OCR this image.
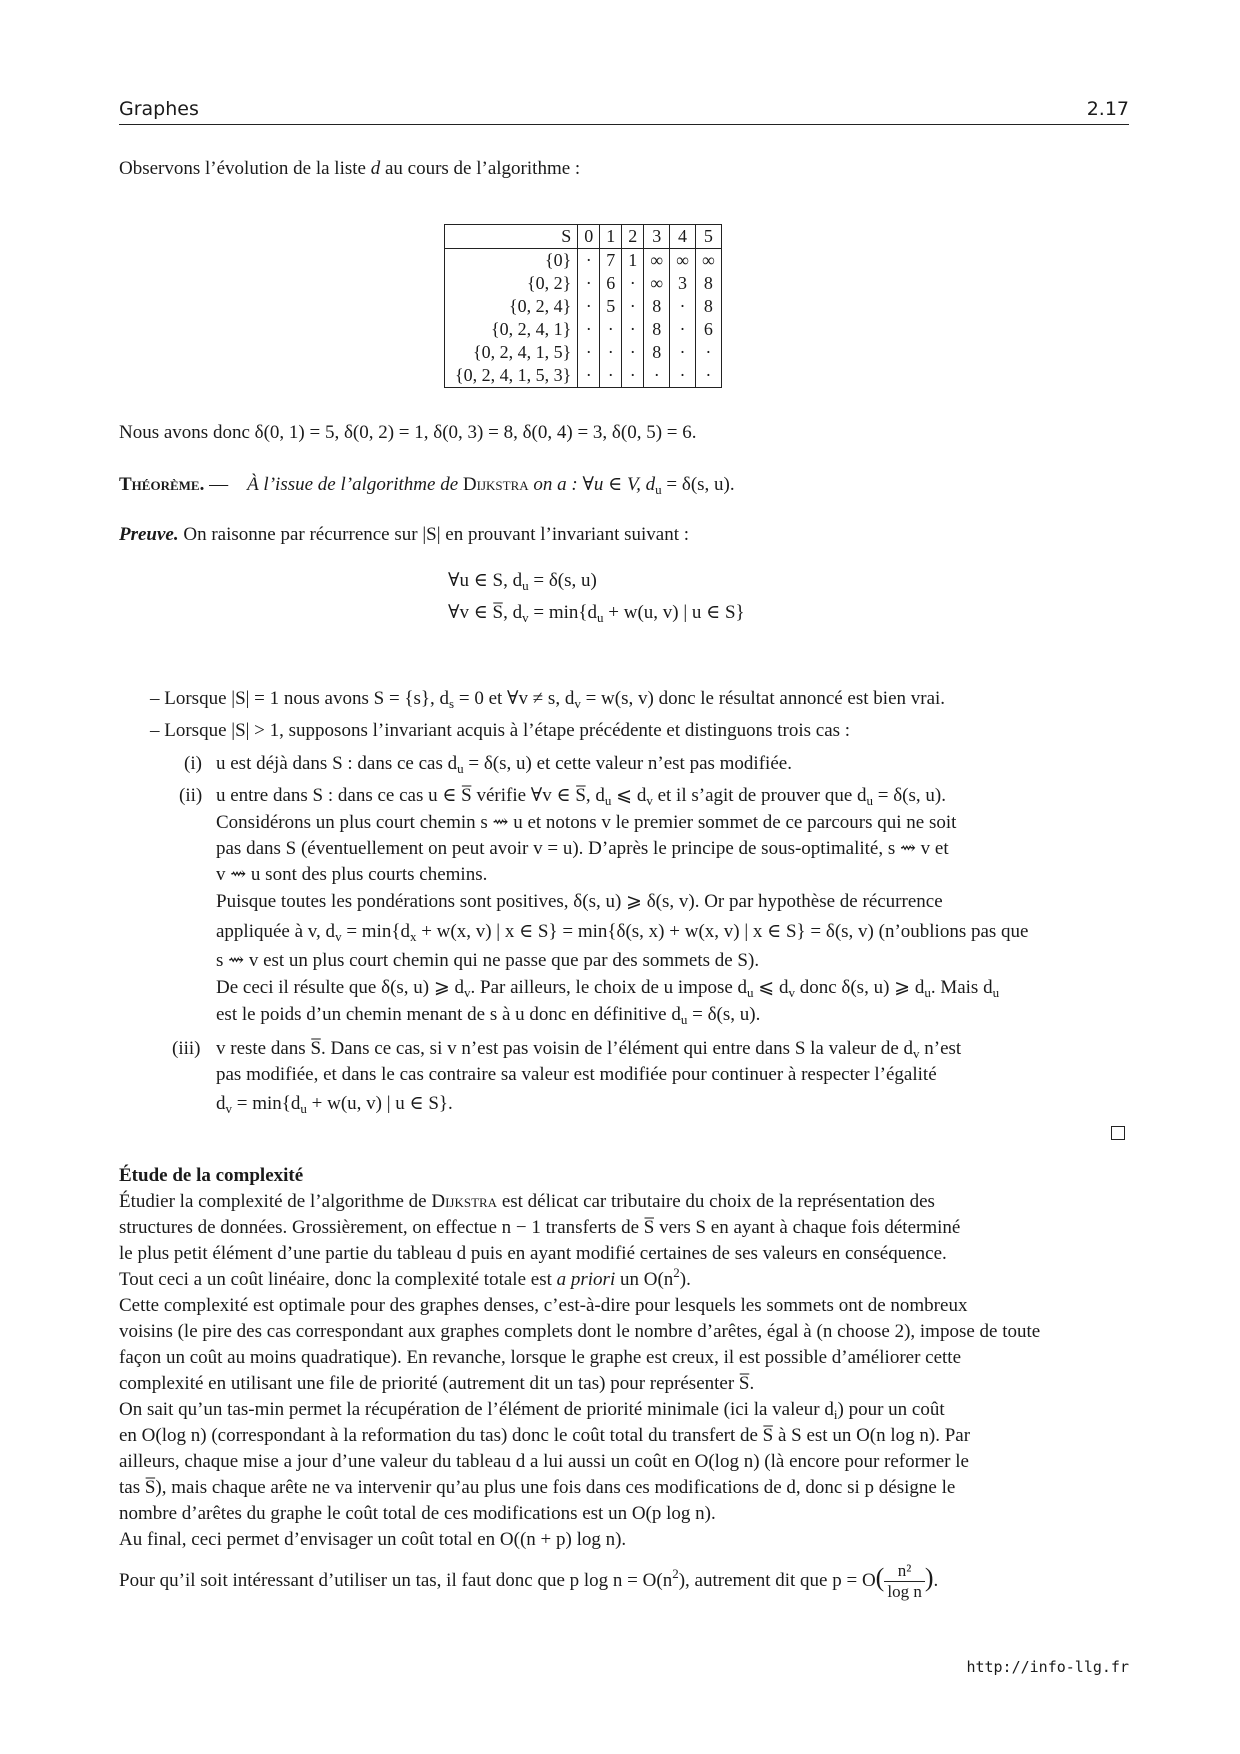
Graphes	2.17
Observons l’évolution de la liste d au cours de l’algorithme :
S	0	1	2	3	4	5
{0}	·	7	1	∞	∞	∞
{0, 2}	·	6	·	∞	3	8
{0, 2, 4}	·	5	·	8	·	8
{0, 2, 4, 1}	·	·	·	8	·	6
{0, 2, 4, 1, 5}	·	·	·	8	·	·
{0, 2, 4, 1, 5, 3}	·	·	·	·	·	·
Nous avons donc δ(0, 1) = 5, δ(0, 2) = 1, δ(0, 3) = 8, δ(0, 4) = 3, δ(0, 5) = 6.
Théorème. — À l’issue de l’algorithme de Dijkstra on a : ∀u ∈ V, $d_u = \delta(s$, u).
Preuve. On raisonne par récurrence sur |S| en prouvant l’invariant suivant :
∀u ∈ S, $d_u = \delta(s$, u)
∀v ∈ S̅, $d_v = \min\{d_u + w(u$, v) | u ∈ S}
– Lorsque |S| = 1 nous avons S = {s}, $d_s = 0$ et ∀v ≠ s, $d_v = w(s$, v) donc le résultat annoncé est bien vrai.
– Lorsque |S| > 1, supposons l’invariant acquis à l’étape précédente et distinguons trois cas :
(i) u est déjà dans S : dans ce cas $d_u = \delta(s$, u) et cette valeur n’est pas modifiée.
(ii) u entre dans S : dans ce cas u ∈ S̅ vérifie ∀v ∈ S̅, $d_u$ ⩽ $d_v$ et il s’agit de prouver que $d_u = \delta(s$, u).
Considérons un plus court chemin s ⇝ u et notons v le premier sommet de ce parcours qui ne soit
pas dans S (éventuellement on peut avoir v = u). D’après le principe de sous-optimalité, s ⇝ v et
v ⇝ u sont des plus courts chemins.
Puisque toutes les pondérations sont positives, δ(s, u) ⩾ δ(s, v). Or par hypothèse de récurrence
appliquée à v, $d_v = \min\{d_x + w(x$, v) | x ∈ S} = min{δ(s, x) + w(x, v) | x ∈ S} = δ(s, v) (n’oublions pas que
s ⇝ v est un plus court chemin qui ne passe que par des sommets de S).
De ceci il résulte que δ(s, u) ⩾ $d_v$. Par ailleurs, le choix de u impose $d_u$ ⩽ $d_v$ donc δ(s, u) ⩾ $d_u$. Mais $d_u$
est le poids d’un chemin menant de s à u donc en définitive $d_u = \delta(s$, u).
(iii) v reste dans S̅. Dans ce cas, si v n’est pas voisin de l’élément qui entre dans S la valeur de $d_v$ n’est
pas modifiée, et dans le cas contraire sa valeur est modifiée pour continuer à respecter l’égalité
$d_v = \min\{d_u + w(u$, v) | u ∈ S}.
Étude de la complexité
Étudier la complexité de l’algorithme de Dijkstra est délicat car tributaire du choix de la représentation des
structures de données. Grossièrement, on effectue n − 1 transferts de S̅ vers S en ayant à chaque fois déterminé
le plus petit élément d’une partie du tableau d puis en ayant modifié certaines de ses valeurs en conséquence.
Tout ceci a un coût linéaire, donc la complexité totale est a priori un $O(n^2)$.
Cette complexité est optimale pour des graphes denses, c’est-à-dire pour lesquels les sommets ont de nombreux
voisins (le pire des cas correspondant aux graphes complets dont le nombre d’arêtes, égal à (n choose 2), impose de toute
façon un coût au moins quadratique). En revanche, lorsque le graphe est creux, il est possible d’améliorer cette
complexité en utilisant une file de priorité (autrement dit un tas) pour représenter S̅.
On sait qu’un tas-min permet la récupération de l’élément de priorité minimale (ici la valeur $d_i$) pour un coût
en O(log n) (correspondant à la reformation du tas) donc le coût total du transfert de S̅ à S est un O(n log n). Par
ailleurs, chaque mise a jour d’une valeur du tableau d a lui aussi un coût en O(log n) (là encore pour reformer le
tas S̅), mais chaque arête ne va intervenir qu’au plus une fois dans ces modifications de d, donc si p désigne le
nombre d’arêtes du graphe le coût total de ces modifications est un O(p log n).
Au final, ceci permet d’envisager un coût total en O((n + p) log n).
Pour qu’il soit intéressant d’utiliser un tas, il faut donc que p $\log n = O(n^2)$, autrement dit que $p = O( \frac{\text{n²}}{\text{log n}}$ ).
http://info-llg.fr
